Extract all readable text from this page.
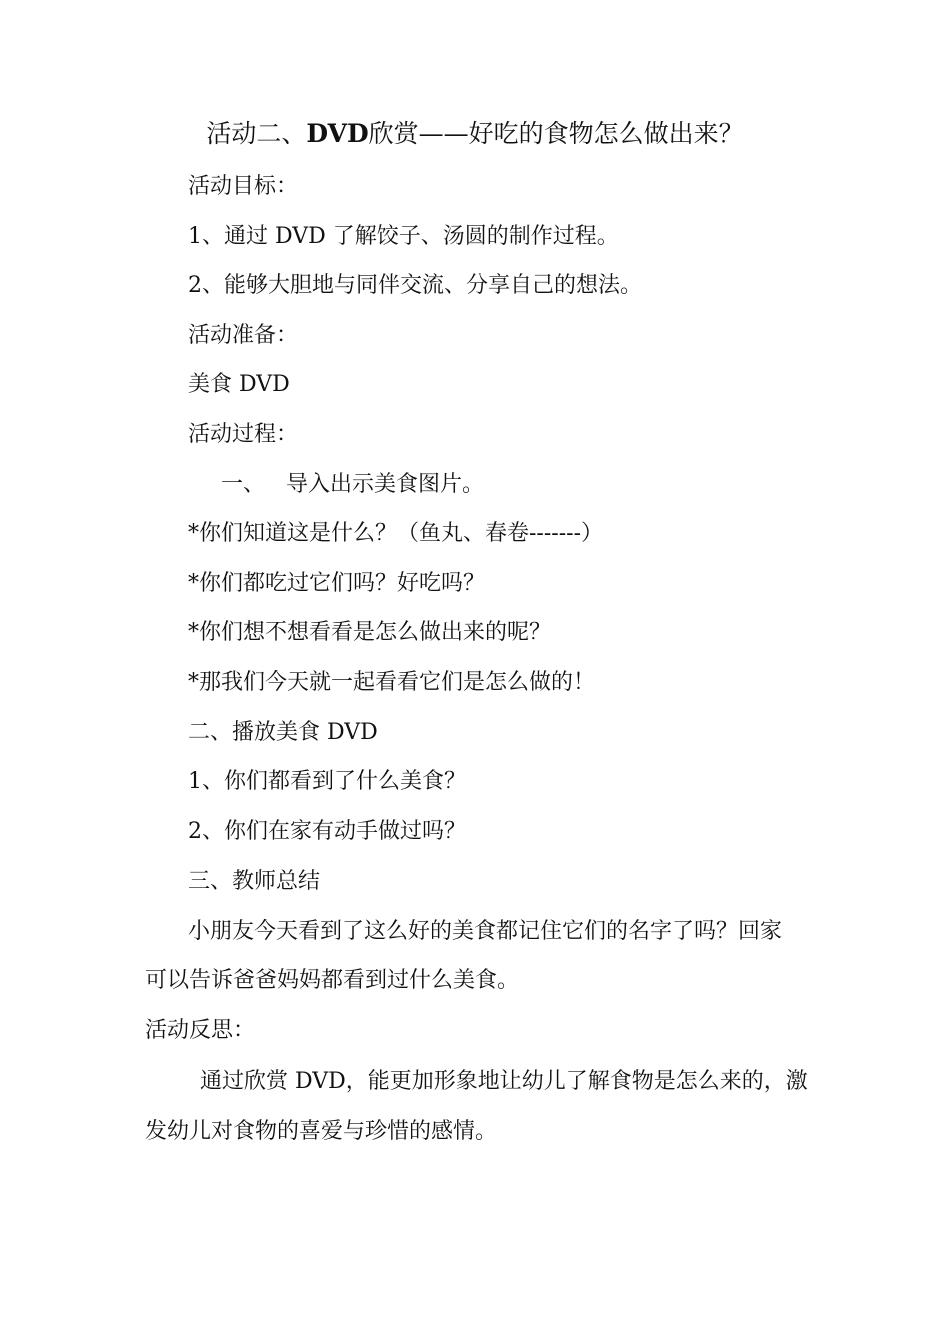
活动二、DVD欣赏——好吃的食物怎么做出来？
活动目标：
1、通过 DVD 了解饺子、汤圆的制作过程。
2、能够大胆地与同伴交流、分享自己的想法。
活动准备：
美食 DVD
活动过程：
一、   导入出示美食图片。
*你们知道这是什么？（鱼丸、春卷-------）
*你们都吃过它们吗？好吃吗？
*你们想不想看看是怎么做出来的呢？
*那我们今天就一起看看它们是怎么做的！
二、播放美食 DVD
1、你们都看到了什么美食？
2、你们在家有动手做过吗？
三、教师总结
小朋友今天看到了这么好的美食都记住它们的名字了吗？回家
可以告诉爸爸妈妈都看到过什么美食。
活动反思：
通过欣赏 DVD，能更加形象地让幼儿了解食物是怎么来的，激
发幼儿对食物的喜爱与珍惜的感情。
